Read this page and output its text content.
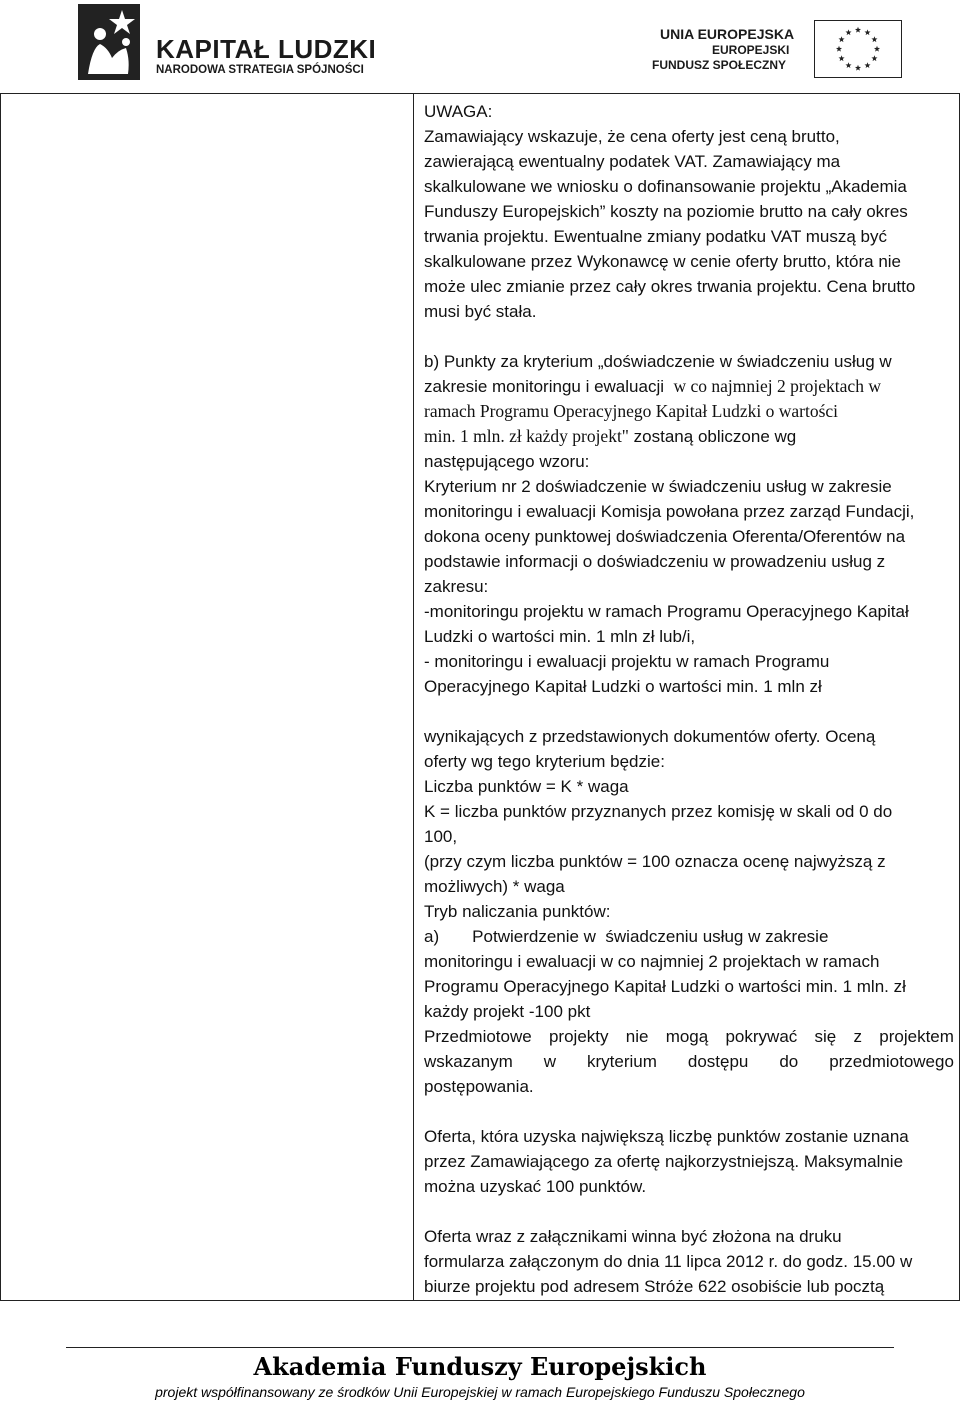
KAPITAŁ LUDZKI
NARODOWA STRATEGIA SPÓJNOŚCI
UNIA EUROPEJSKA
EUROPEJSKI
FUNDUSZ SPOŁECZNY

UWAGA:

Zamawiający wskazuje, że cena oferty jest ceną brutto,

zawierającą ewentualny podatek VAT. Zamawiający ma

skalkulowane we wniosku o dofinansowanie projektu „Akademia

Funduszy Europejskich” koszty na poziomie brutto na cały okres

trwania projektu. Ewentualne zmiany podatku VAT muszą być

skalkulowane przez Wykonawcę w cenie oferty brutto, która nie

może ulec zmianie przez cały okres trwania projektu. Cena brutto

musi być stała.

b) Punkty za kryterium „doświadczenie w świadczeniu usług w

zakresie monitoringu i ewaluacji  w co najmniej 2 projektach w

ramach Programu Operacyjnego Kapitał Ludzki o wartości

min. 1 mln. zł każdy projekt" zostaną obliczone wg

następującego wzoru:

Kryterium nr 2 doświadczenie w świadczeniu usług w zakresie

monitoringu i ewaluacji Komisja powołana przez zarząd Fundacji,

dokona oceny punktowej doświadczenia Oferenta/Oferentów na

podstawie informacji o doświadczeniu w prowadzeniu usług z

zakresu:

-monitoringu projektu w ramach Programu Operacyjnego Kapitał

Ludzki o wartości min. 1 mln zł lub/i,

- monitoringu i ewaluacji projektu w ramach Programu

Operacyjnego Kapitał Ludzki o wartości min. 1 mln zł

wynikających z przedstawionych dokumentów oferty. Oceną

oferty wg tego kryterium będzie:

Liczba punktów = K * waga

K = liczba punktów przyznanych przez komisję w skali od 0 do

100,

(przy czym liczba punktów = 100 oznacza ocenę najwyższą z

możliwych) * waga

Tryb naliczania punktów:

a)       Potwierdzenie w  świadczeniu usług w zakresie

monitoringu i ewaluacji w co najmniej 2 projektach w ramach

Programu Operacyjnego Kapitał Ludzki o wartości min. 1 mln. zł

każdy projekt -100 pkt

Przedmiotowe projekty nie mogą pokrywać się z projektem

wskazanym w kryterium dostępu do przedmiotowego

postępowania.

Oferta, która uzyska największą liczbę punktów zostanie uznana

przez Zamawiającego za ofertę najkorzystniejszą. Maksymalnie

można uzyskać 100 punktów.

Oferta wraz z załącznikami winna być złożona na druku

formularza załączonym do dnia 11 lipca 2012 r. do godz. 15.00 w

biurze projektu pod adresem Stróże 622 osobiście lub pocztą

Akademia Funduszy Europejskich
projekt współfinansowany ze środków Unii Europejskiej w ramach Europejskiego Funduszu Społecznego
